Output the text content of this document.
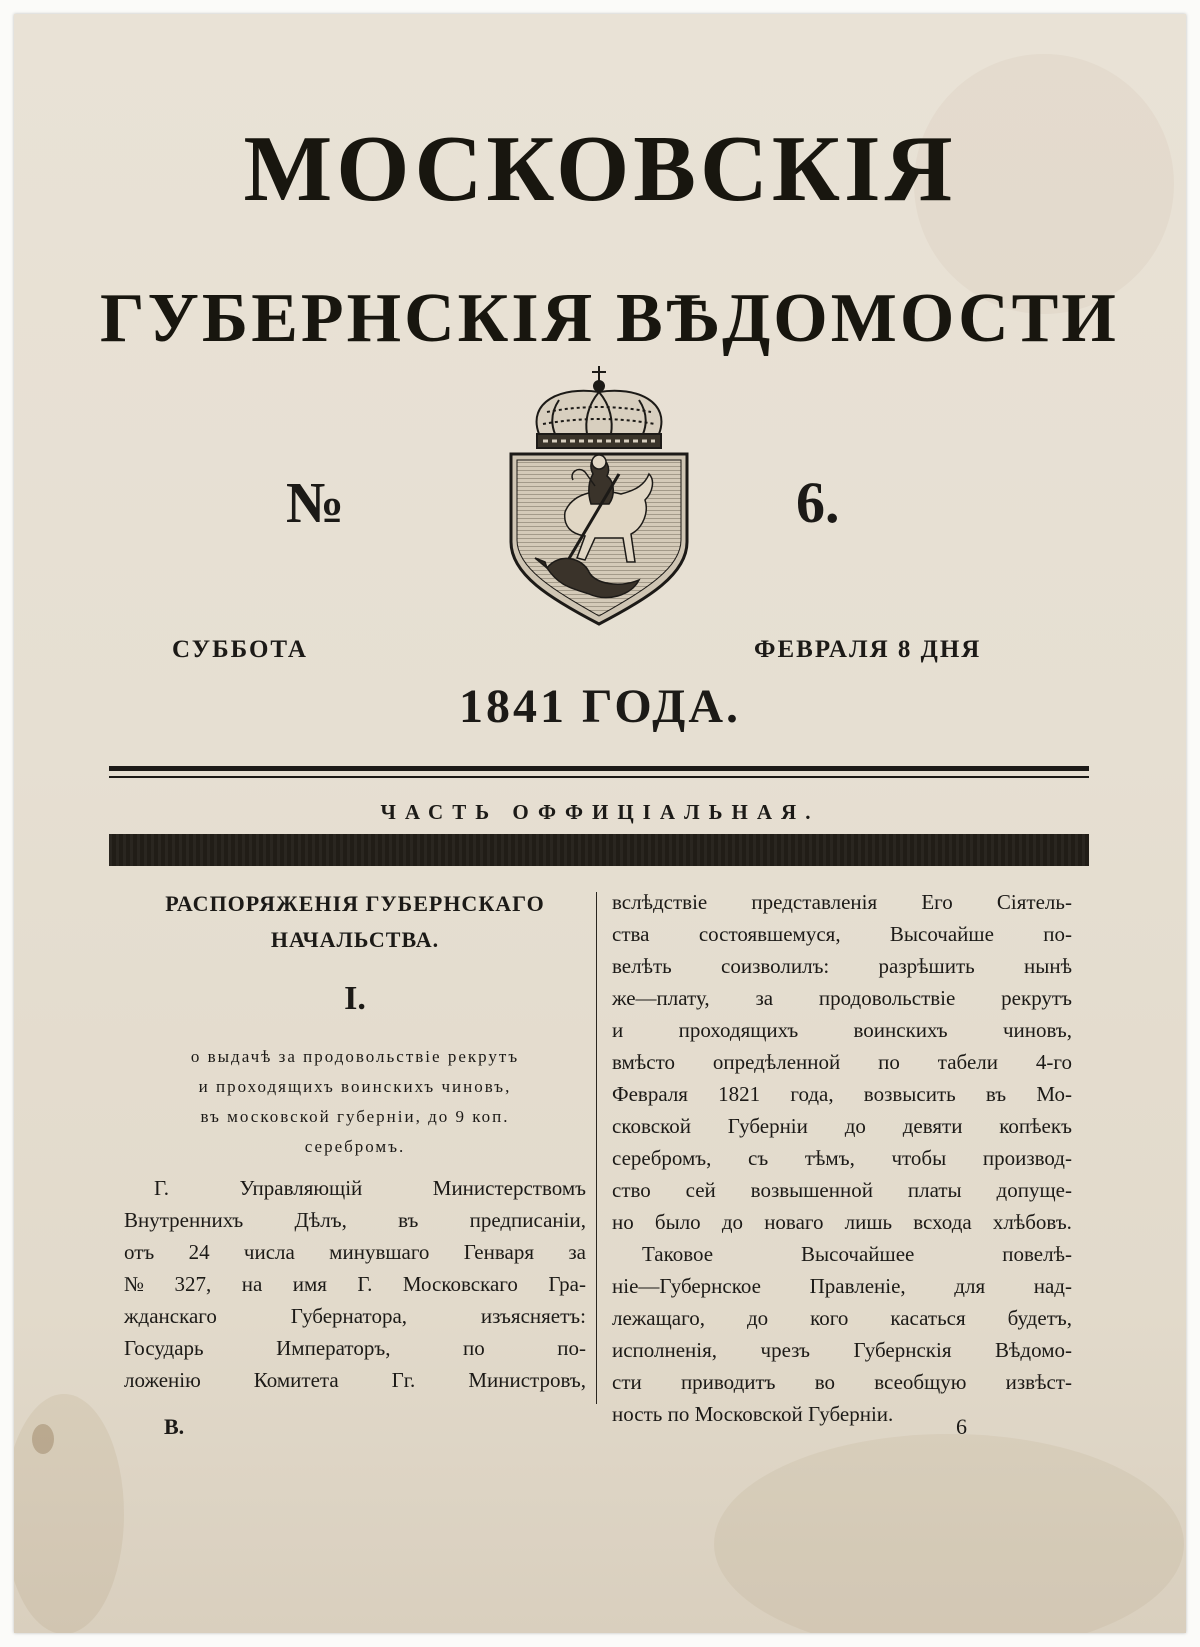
МОСКОВСКІЯ
ГУБЕРНСКІЯ ВѢДОМОСТИ
№	6.
СУББОТА	ФЕВРАЛЯ 8 ДНЯ
1841 ГОДА.
ЧАСТЬ ОФФИЦІАЛЬНАЯ.

РАСПОРЯЖЕНІЯ ГУБЕРНСКАГО

НАЧАЛЬСТВА.

I.

о выдачѣ за продовольствіе рекрутъ

и проходящихъ воинскихъ чиновъ,

въ московской губерніи, до 9 коп.

серебромъ.

Г.	Управляющій	Министерствомъ

Внутреннихъ Дѣлъ, въ предписаніи,

отъ 24 числа минувшаго Генваря за

№ 327, на имя Г. Московскаго Гра-

жданскаго	Губернатора,	изъясняетъ:

Государь	Императоръ,	по	по-

ложенію	Комитета	Гг.	Министровъ,

вслѣдствіе представленія Его Сіятель-

ства состоявшемуся, Высочайше по-

велѣть соизволилъ: разрѣшить нынѣ

же—плату, за продовольствіе рекрутъ

и	проходящихъ	воинскихъ	чиновъ,

вмѣсто опредѣленной по табели 4-го

Февраля 1821 года, возвысить въ Мо-

сковской Губерніи до девяти копѣекъ

серебромъ, съ тѣмъ, чтобы производ-

ство сей возвышенной платы допуще-

но было до новаго лишь всхода хлѣбовъ.

Таковое	Высочайшее	повелѣ-

ніе—Губернское Правленіе, для над-

лежащаго, до кого касаться будетъ,

исполненія, чрезъ Губернскія Вѣдомо-

сти приводитъ во всеобщую извѣст-

ность по Московской Губерніи.

В.	6
